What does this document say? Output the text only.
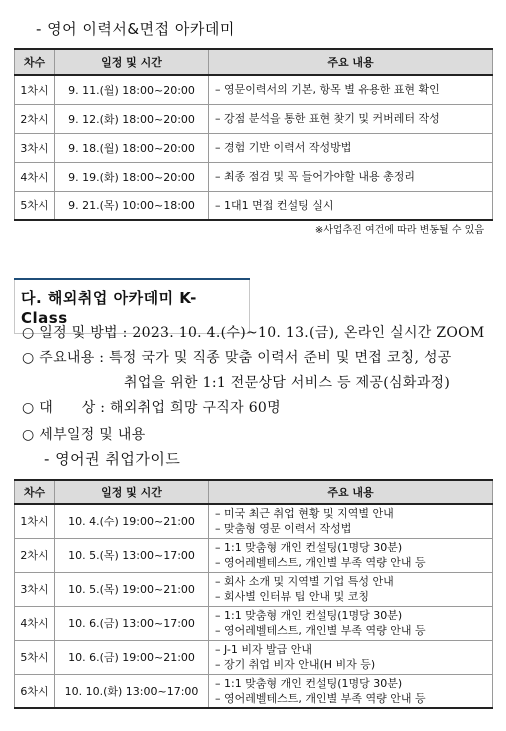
- 영어 이력서&면접 아카데미
차수	일정 및 시간	주요 내용
1차시	9. 11.(월) 18:00~20:00	– 영문이력서의 기본, 항목 별 유용한 표현 확인

2차시	9. 12.(화) 18:00~20:00	– 강점 분석을 통한 표현 찾기 및 커버레터 작성

3차시	9. 18.(월) 18:00~20:00	– 경험 기반 이력서 작성방법

4차시	9. 19.(화) 18:00~20:00	– 최종 점검 및 꼭 들어가야할 내용 총정리

5차시	9. 21.(목) 10:00~18:00	– 1대1 면접 컨설팅 실시
※사업추진 여건에 따라 변동될 수 있음
다. 해외취업 아카데미 K-Class
○ 일정 및 방법 : 2023. 10. 4.(수)~10. 13.(금), 온라인 실시간 ZOOM
○ 주요내용 : 특정 국가 및 직종 맞춤 이력서 준비 및 면접 코칭, 성공
취업을 위한 1:1 전문상담 서비스 등 제공(심화과정)
○ 대　　상 : 해외취업 희망 구직자 60명
○ 세부일정 및 내용
- 영어권 취업가이드
차수	일정 및 시간	주요 내용
1차시	10. 4.(수) 19:00~21:00	– 미국 최근 취업 현황 및 지역별 안내
– 맞춤형 영문 이력서 작성법

2차시	10. 5.(목) 13:00~17:00	– 1:1 맞춤형 개인 컨설팅(1명당 30분)
– 영어레벨테스트, 개인별 부족 역량 안내 등

3차시	10. 5.(목) 19:00~21:00	– 회사 소개 및 지역별 기업 특성 안내
– 회사별 인터뷰 팁 안내 및 코칭

4차시	10. 6.(금) 13:00~17:00	– 1:1 맞춤형 개인 컨설팅(1명당 30분)
– 영어레벨테스트, 개인별 부족 역량 안내 등

5차시	10. 6.(금) 19:00~21:00	– J-1 비자 발급 안내
– 장기 취업 비자 안내(H 비자 등)

6차시	10. 10.(화) 13:00~17:00	– 1:1 맞춤형 개인 컨설팅(1명당 30분)
– 영어레벨테스트, 개인별 부족 역량 안내 등
